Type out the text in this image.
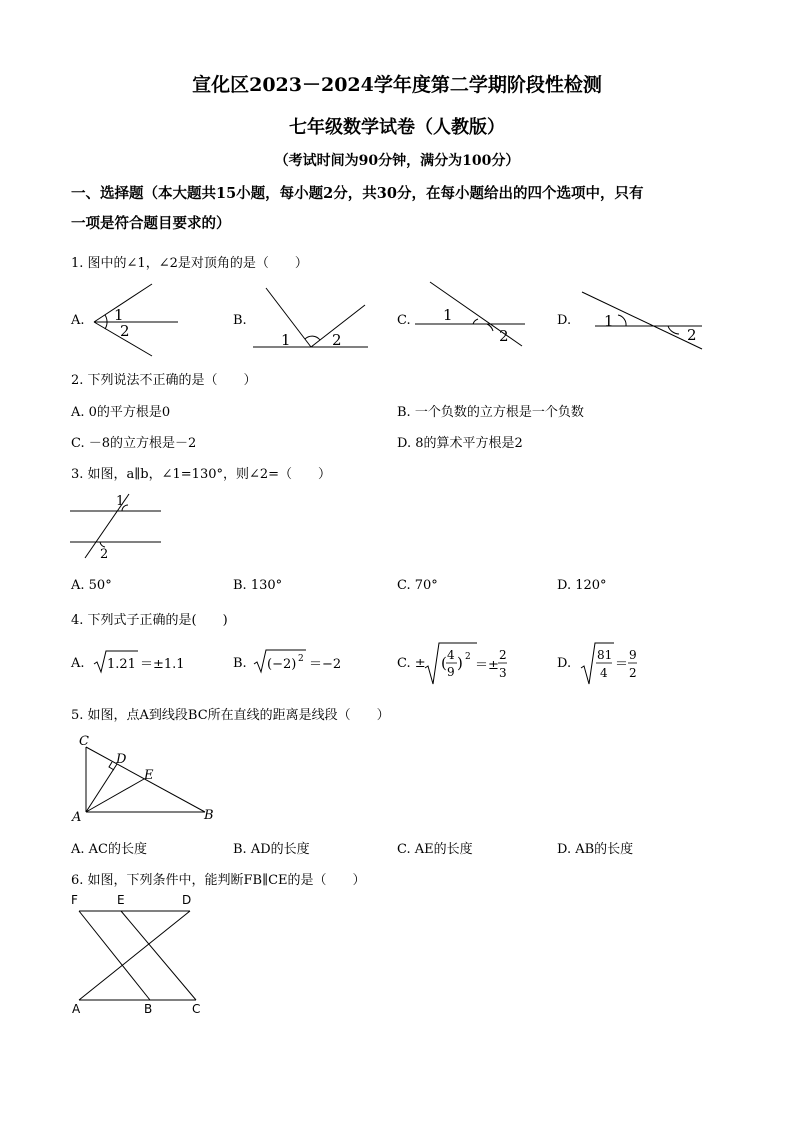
宣化区2023－2024学年度第二学期阶段性检测
七年级数学试卷（人教版）
（考试时间为90分钟，满分为100分）
一、选择题（本大题共15小题，每小题2分，共30分，在每小题给出的四个选项中，只有
一项是符合题目要求的）
1. 图中的∠1，∠2是对顶角的是（　　）
A.	B.	C.	D.
1
2	1	2
1
2
1
2
2. 下列说法不正确的是（　　）
A. 0的平方根是0	B. 一个负数的立方根是一个负数
C. －8的立方根是－2	D. 8的算术平方根是2
3. 如图，a∥b，∠1=130°，则∠2=（　　）
1
2
A. 50°	B. 130°	C. 70°	D. 120°
4. 下列式子正确的是(　　)
A. 1.21 ＝±1.1	B. (−2) 2 ＝−2	C. ± ( 4
9 ) 2
＝±
2
3
D.
81
4
＝
9
2
5. 如图，点A到线段BC所在直线的距离是线段（　　）
C
D
E
A	B
A. AC的长度	B. AD的长度	C. AE的长度	D. AB的长度
6. 如图，下列条件中，能判断FB∥CE的是（　　）
F	E	D
A	B	C
